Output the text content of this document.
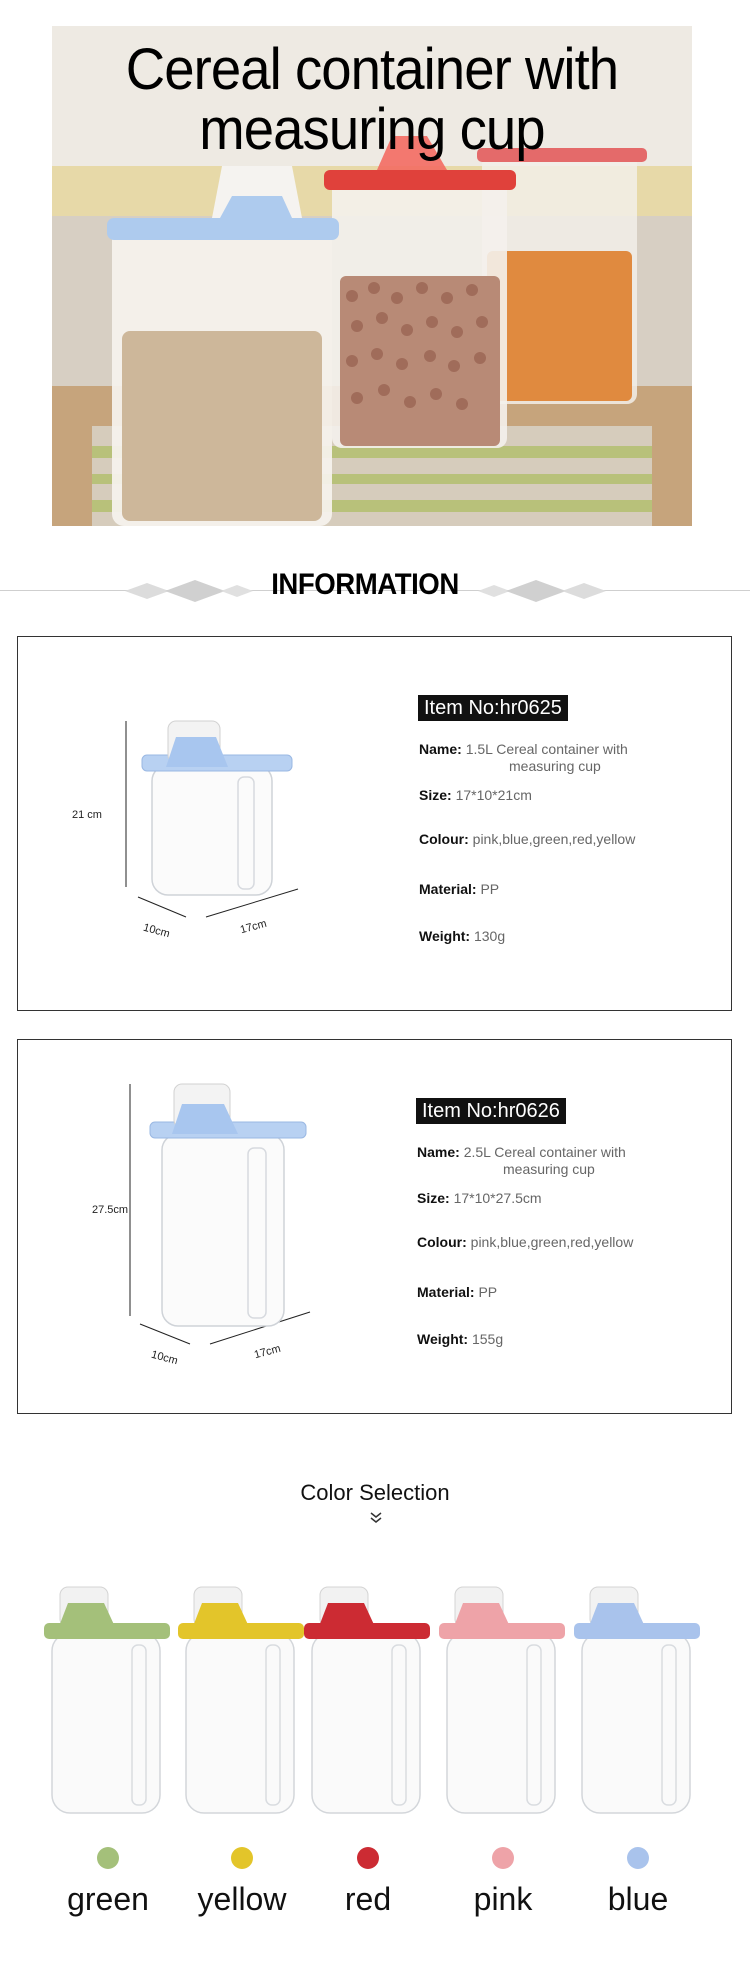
Cereal container with
measuring cup
INFORMATION
21 cm
10cm	17cm
Item No:hr0625
Name: 1.5L Cereal container with
measuring cup
Size: 17*10*21cm
Colour: pink,blue,green,red,yellow
Material: PP
Weight: 130g
27.5cm
10cm	17cm
Item No:hr0626
Name: 2.5L Cereal container with
measuring cup
Size: 17*10*27.5cm
Colour: pink,blue,green,red,yellow
Material: PP
Weight: 155g
Color Selection
green	yellow	red	pink	blue
